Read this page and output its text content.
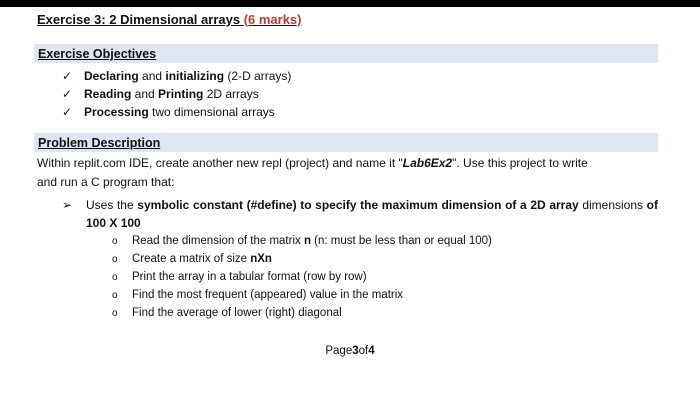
Exercise 3: 2 Dimensional arrays (6 marks)
Exercise Objectives
✓ Declaring and initializing (2-D arrays)
✓ Reading and Printing 2D arrays
✓ Processing two dimensional arrays
Problem Description
Within replit.com IDE, create another new repl (project) and name it "Lab6Ex2". Use this project to write
and run a C program that:
➢ Uses the symbolic constant (#define) to specify the maximum dimension of a 2D array dimensions of 100 X 100
o Read the dimension of the matrix n (n: must be less than or equal 100)
o Create a matrix of size nXn
o Print the array in a tabular format (row by row)
o Find the most frequent (appeared) value in the matrix
o Find the average of lower (right) diagonal
Page3of4
